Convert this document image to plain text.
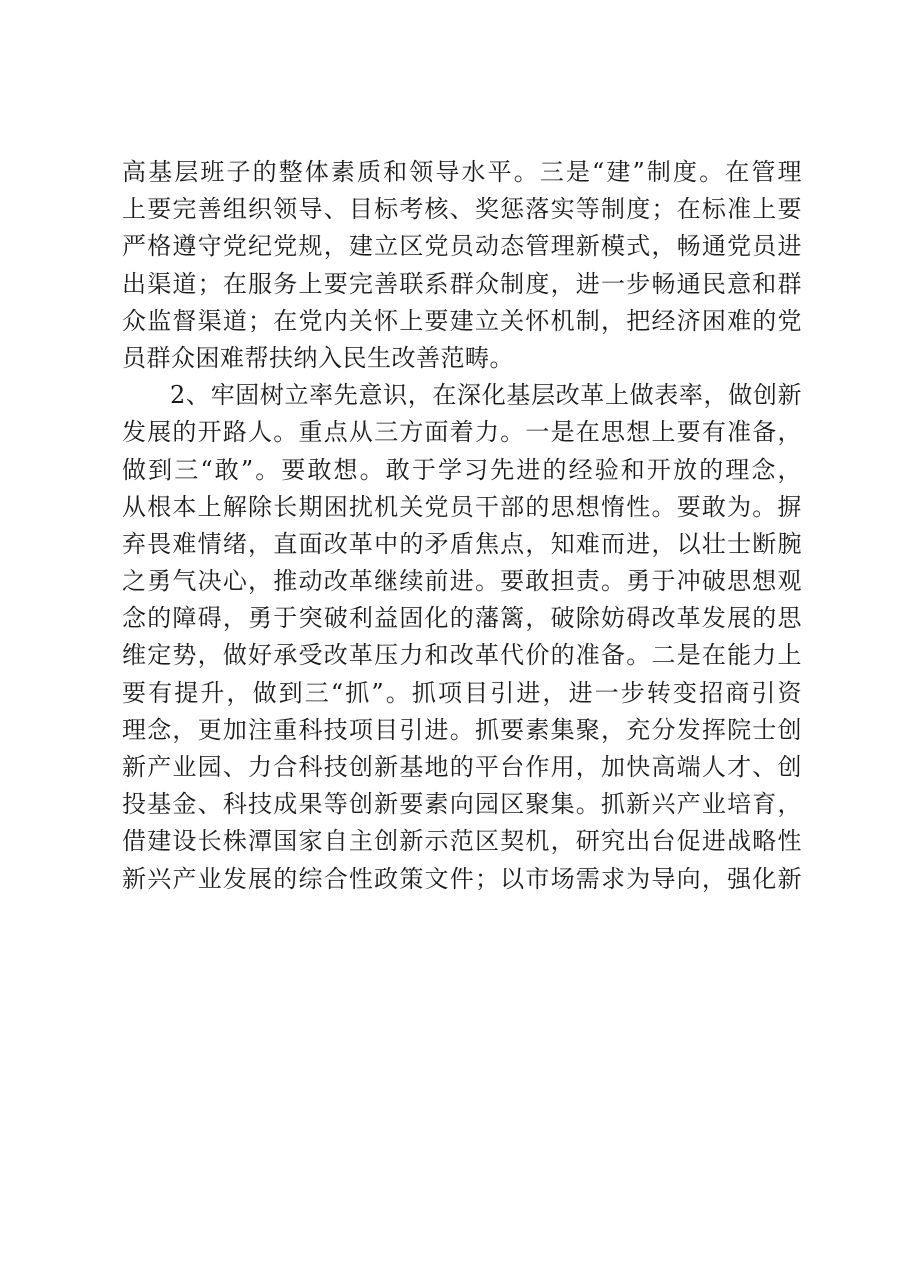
高基层班子的整体素质和领导水平。三是“建”制度。在管理
上要完善组织领导、目标考核、奖惩落实等制度；在标准上要
严格遵守党纪党规，建立区党员动态管理新模式，畅通党员进
出渠道；在服务上要完善联系群众制度，进一步畅通民意和群
众监督渠道；在党内关怀上要建立关怀机制，把经济困难的党
员群众困难帮扶纳入民生改善范畴。
2、牢固树立率先意识，在深化基层改革上做表率，做创新
发展的开路人。重点从三方面着力。一是在思想上要有准备，
做到三“敢”。要敢想。敢于学习先进的经验和开放的理念，
从根本上解除长期困扰机关党员干部的思想惰性。要敢为。摒
弃畏难情绪，直面改革中的矛盾焦点，知难而进，以壮士断腕
之勇气决心，推动改革继续前进。要敢担责。勇于冲破思想观
念的障碍，勇于突破利益固化的藩篱，破除妨碍改革发展的思
维定势，做好承受改革压力和改革代价的准备。二是在能力上
要有提升，做到三“抓”。抓项目引进，进一步转变招商引资
理念，更加注重科技项目引进。抓要素集聚，充分发挥院士创
新产业园、力合科技创新基地的平台作用，加快高端人才、创
投基金、科技成果等创新要素向园区聚集。抓新兴产业培育，
借建设长株潭国家自主创新示范区契机，研究出台促进战略性
新兴产业发展的综合性政策文件；以市场需求为导向，强化新
